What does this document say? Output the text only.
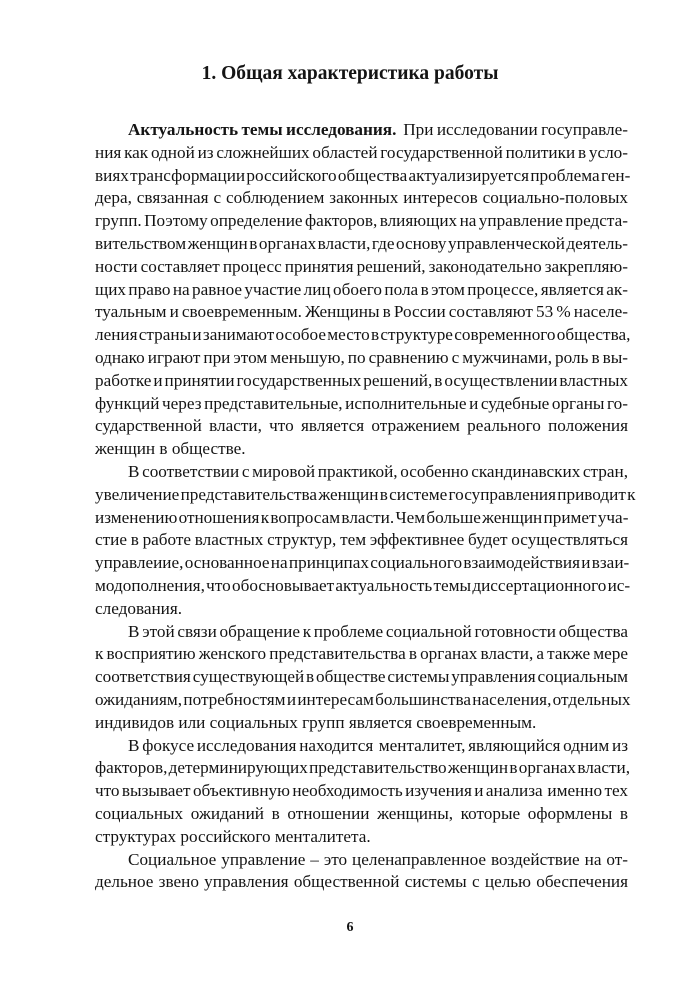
1. Общая характеристика работы
Актуальность темы исследования.  При исследовании госуправле-
ния как одной из сложнейших областей государственной политики в усло-
виях трансформации российского общества актуализируется проблема ген-
дера, связанная с соблюдением законных интересов социально-половых
групп. Поэтому определение факторов, влияющих на управление предста-
вительством женщин в органах власти, где основу управленческой деятель-
ности составляет процесс принятия решений, законодательно закрепляю-
щих право на равное участие лиц обоего пола в этом процессе, является ак-
туальным и своевременным. Женщины в России составляют 53 % населе-
ления страны и занимают особое место в структуре современного общества,
однако играют при этом меньшую, по сравнению с мужчинами, роль в вы-
работке и принятии государственных решений, в осуществлении властных
функций через представительные, исполнительные и судебные органы го-
сударственной власти, что является отражением реального положения
женщин в обществе.
В соответствии с мировой практикой, особенно скандинавских стран,
увеличение представительства женщин в системе госуправления приводит к
изменению отношения к вопросам власти. Чем больше женщин примет уча-
стие в работе властных структур, тем эффективнее будет осуществляться
управлеиие, основанное на принципах социального взаимодействия и взаи-
модополнения, что обосновывает актуальность темы диссертационного ис-
следования.
В этой связи обращение к проблеме социальной готовности общества
к восприятию женского представительства в органах власти, а также мере
соответствия существующей в обществе системы управления социальным
ожиданиям, потребностям и интересам большинства населения, отдельных
индивидов или социальных групп является своевременным.
В фокусе исследования находится  менталитет, являющийся одним из
факторов, детерминирующих представительство женщин в органах власти,
что вызывает объективную необходимость изучения и анализа  именно тех
социальных ожиданий в отношении женщины, которые оформлены в
структурах российского менталитета.
Социальное управление – это целенаправленное воздействие на от-
дельное звено управления общественной системы с целью обеспечения
6
